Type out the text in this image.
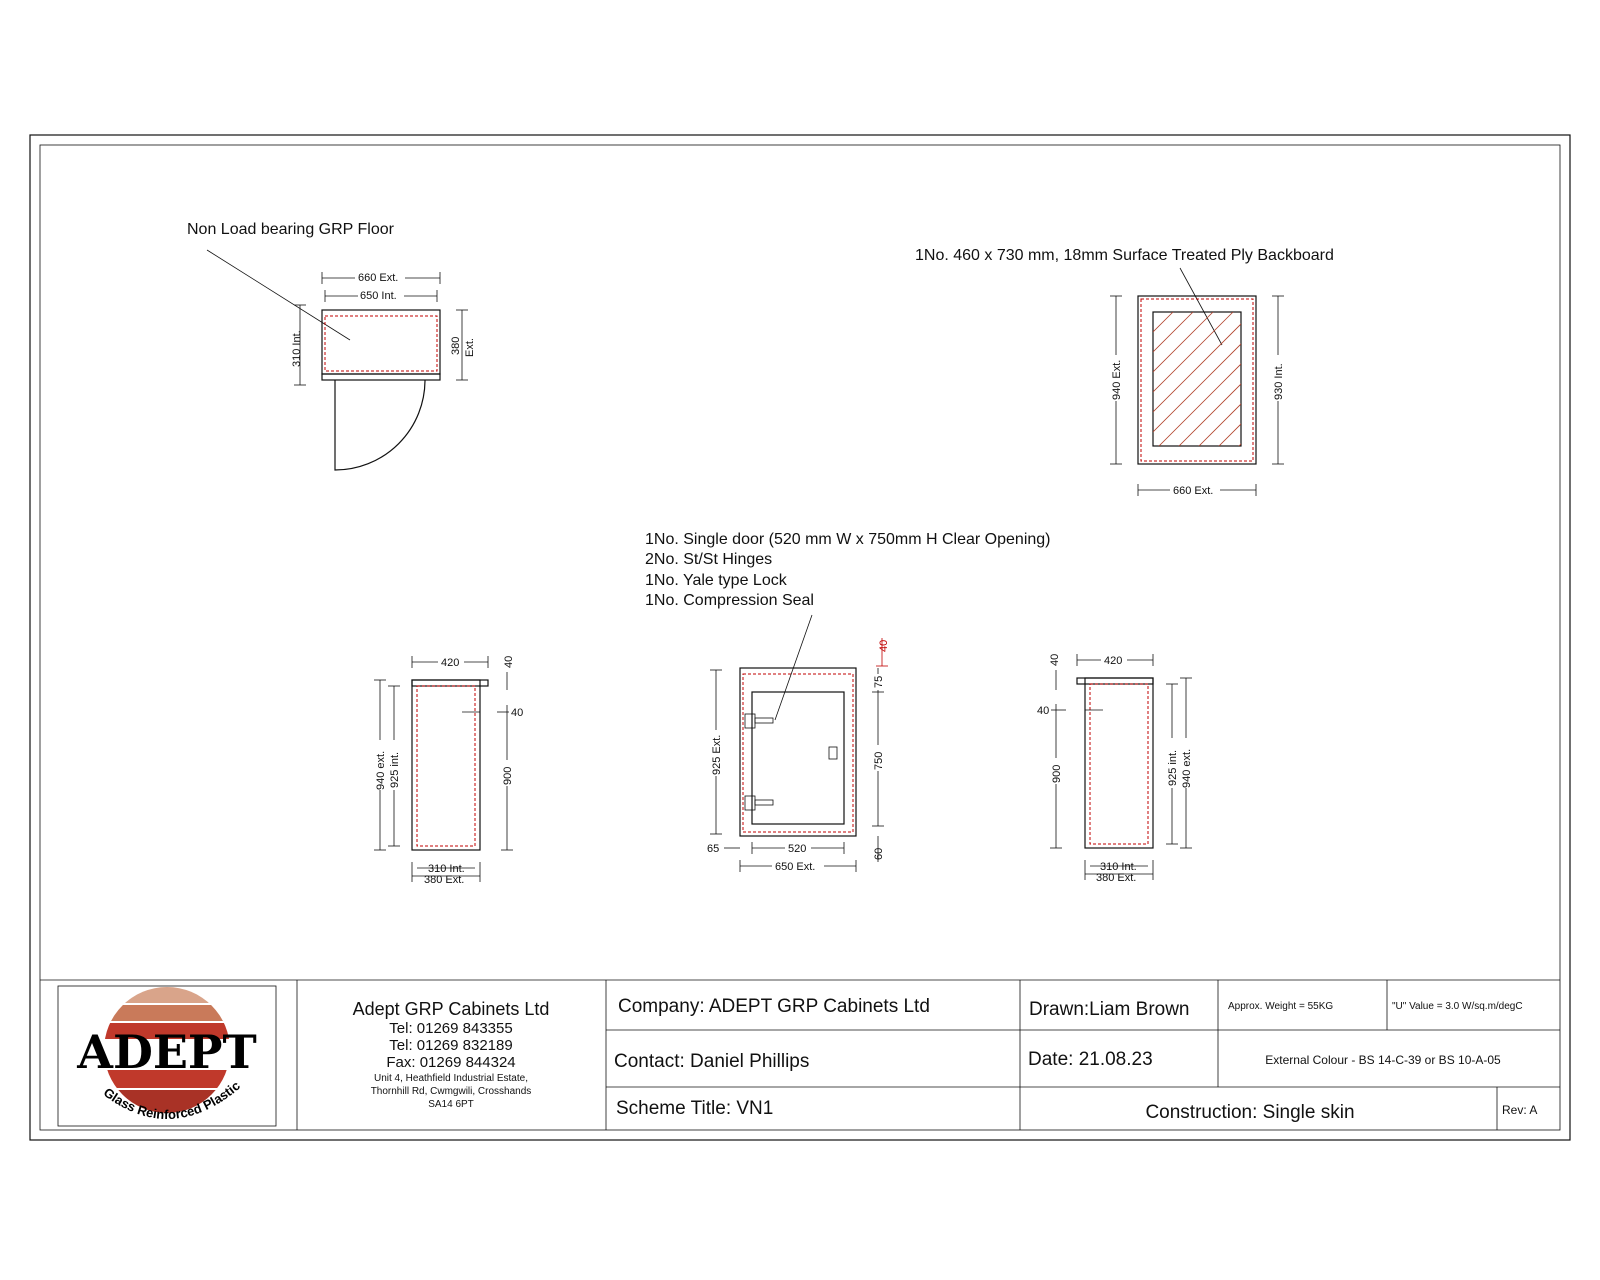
Non Load bearing GRP Floor
660 Ext.
650 Int.
310 Int.	380 Ext.
1No. 460 x 730 mm, 18mm Surface Treated Ply Backboard
940 Ext.	930 Int.
660 Ext.
1No. Single door (520 mm W x 750mm H Clear Opening)
2No. St/St Hinges
1No. Yale type Lock
1No. Compression Seal
420	40
40
940 ext. 925 int.	900
310 Int.
380 Ext.
925 Ext.
40
75
750
60
65	520
650 Ext.
420
40
40
900	925 int. 940 ext.
310 Int.
380 Ext.
ADEPT
Glass Reinforced Plastic
Adept GRP Cabinets Ltd
Tel: 01269 843355
Tel: 01269 832189
Fax: 01269 844324
Unit 4, Heathfield Industrial Estate,
Thornhill Rd, Cwmgwili, Crosshands
SA14 6PT
Company: ADEPT GRP Cabinets Ltd
Contact: Daniel Phillips
Scheme Title: VN1
Drawn:Liam Brown
Date: 21.08.23
Approx. Weight = 55KG	"U" Value = 3.0 W/sq.m/degC
External Colour - BS 14-C-39 or BS 10-A-05
Construction: Single skin	Rev: A
